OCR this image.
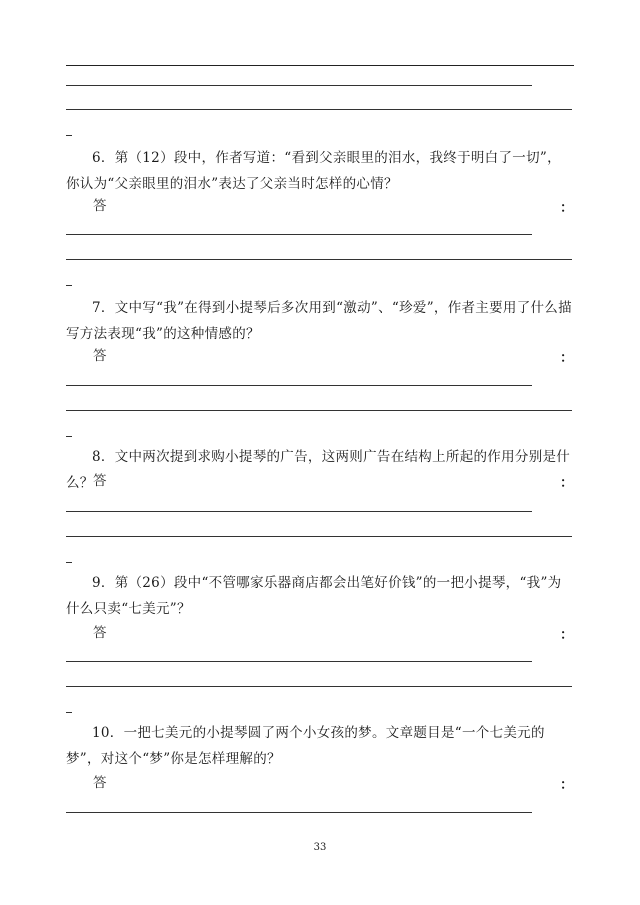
6．第（12）段中，作者写道：“看到父亲眼里的泪水，我终于明白了一切”，你认为“父亲眼里的泪水”表达了父亲当时怎样的心情？

答	：

7．文中写“我”在得到小提琴后多次用到“激动”、“珍爱”，作者主要用了什么描写方法表现“我”的这种情感的？

答	：

8．文中两次提到求购小提琴的广告，这两则广告在结构上所起的作用分别是什么？ 答	：

9．第（26）段中“不管哪家乐器商店都会出笔好价钱”的一把小提琴，“我”为什么只卖“七美元”？

答	：

10．一把七美元的小提琴圆了两个小女孩的梦。文章题目是“一个七美元的梦”，对这个“梦”你是怎样理解的？

答	：
33
